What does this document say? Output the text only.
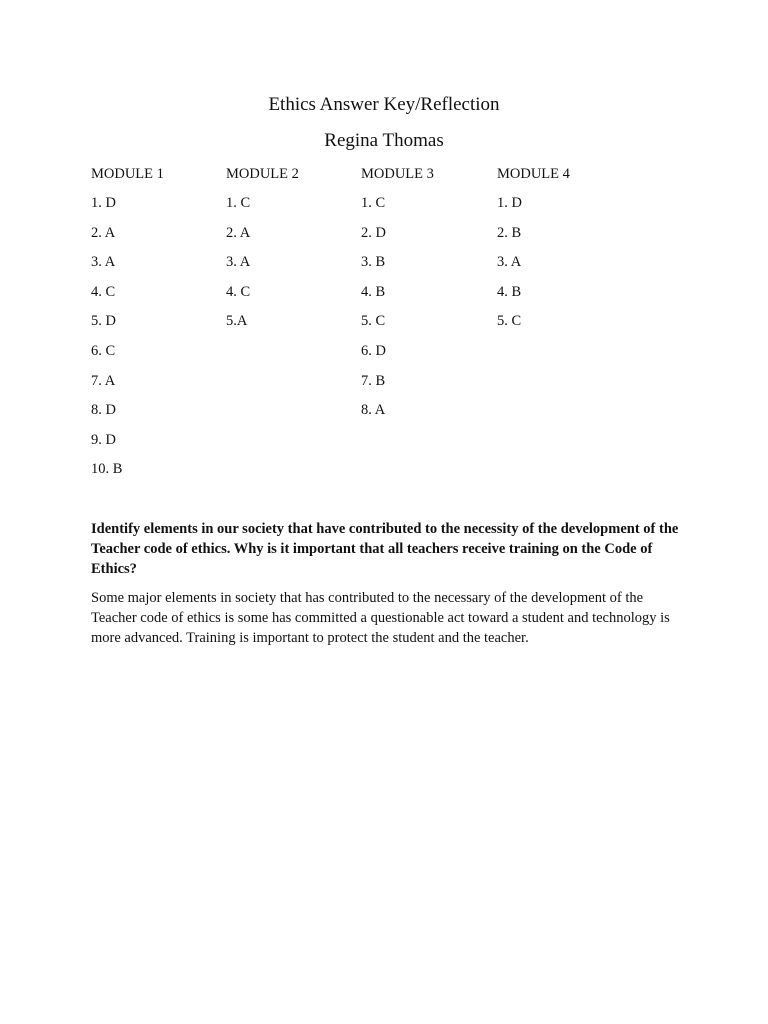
Ethics Answer Key/Reflection
Regina Thomas
MODULE 1
1. D
2. A
3. A
4. C
5. D
6. C
7. A
8. D
9. D
10. B
MODULE 2
1. C
2. A
3. A
4. C
5.A
MODULE 3
1. C
2. D
3. B
4. B
5. C
6. D
7. B
8. A
MODULE 4
1. D
2. B
3. A
4. B
5. C
Identify elements in our society that have contributed to the necessity of the development of the Teacher code of ethics. Why is it important that all teachers receive training on the Code of Ethics?
Some major elements in society that has contributed to the necessary of the development of the Teacher code of ethics is some has committed a questionable act toward a student and technology is more advanced. Training is important to protect the student and the teacher.
